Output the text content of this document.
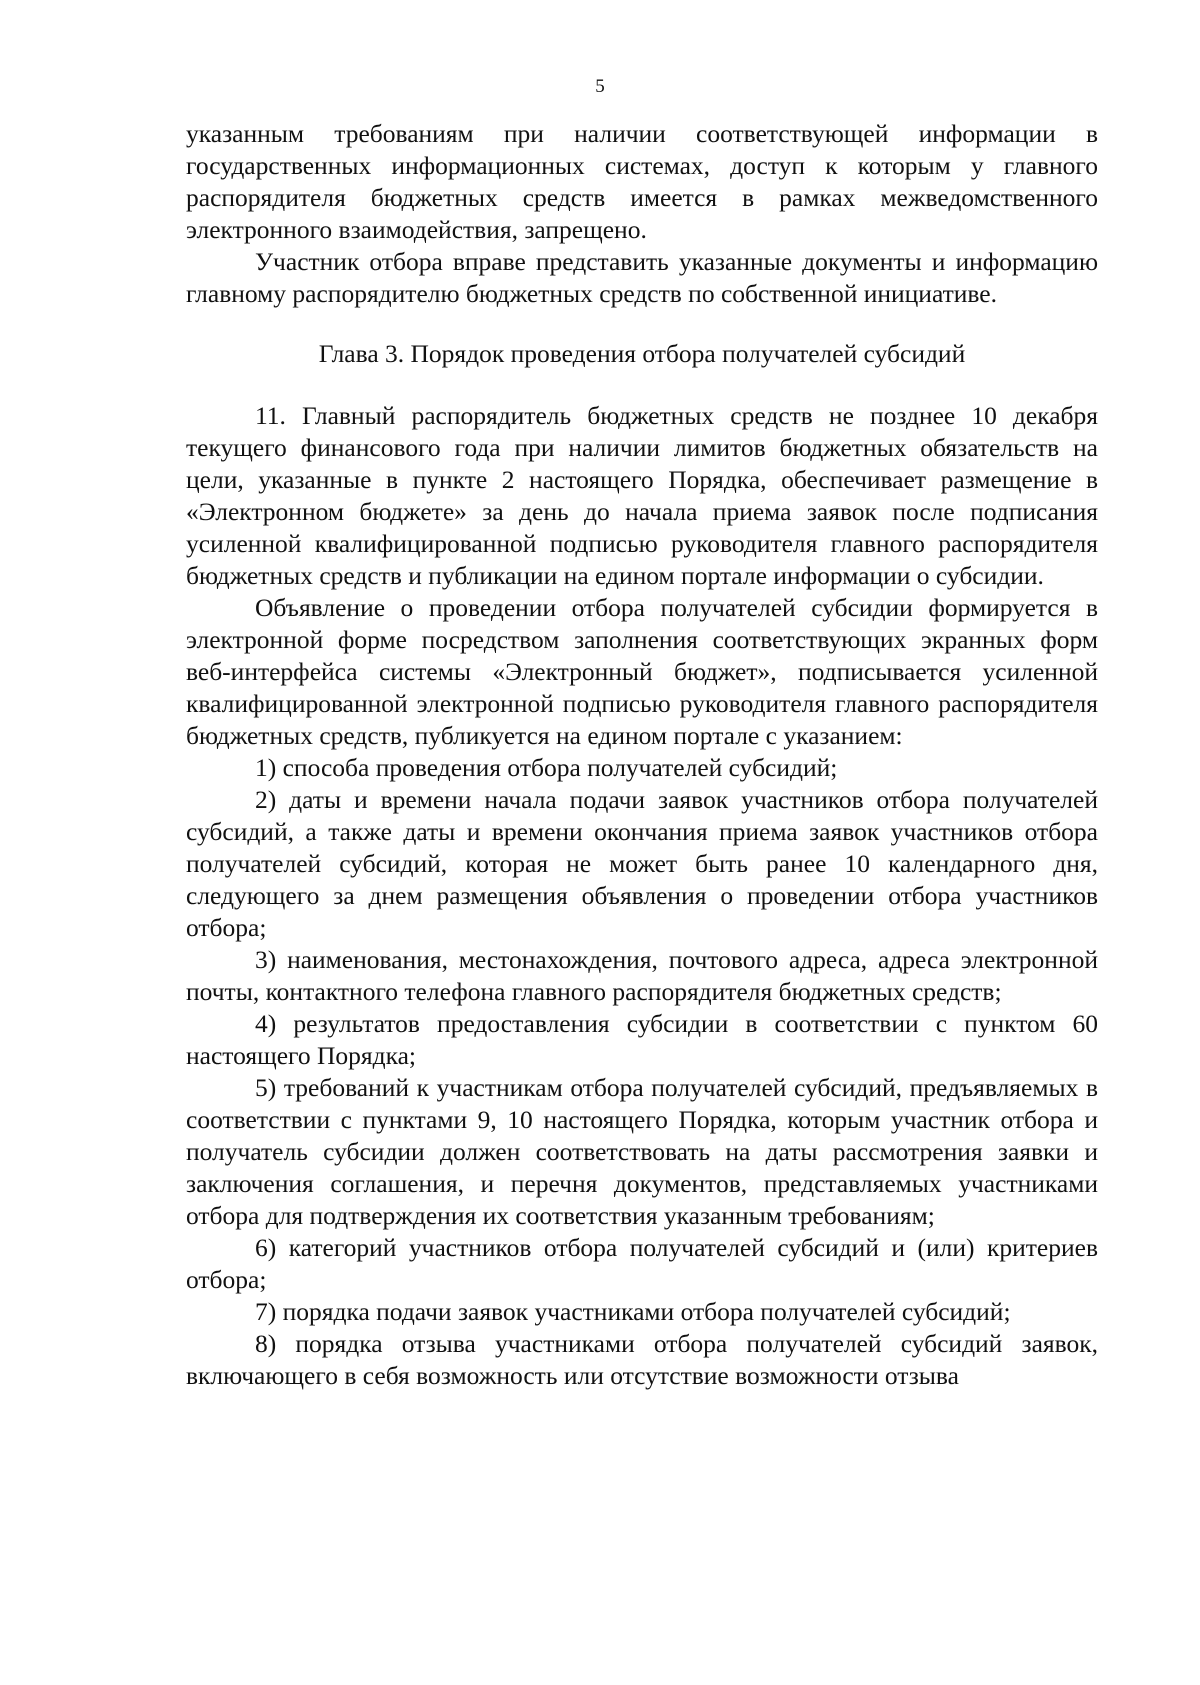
5

указанным требованиям при наличии соответствующей информации в государственных информационных системах, доступ к которым у главного распорядителя бюджетных средств имеется в рамках межведомственного электронного взаимодействия, запрещено.

Участник отбора вправе представить указанные документы и информацию главному распорядителю бюджетных средств по собственной инициативе.

Глава 3. Порядок проведения отбора получателей субсидий

11. Главный распорядитель бюджетных средств не позднее 10 декабря текущего финансового года при наличии лимитов бюджетных обязательств на цели, указанные в пункте 2 настоящего Порядка, обеспечивает размещение в «Электронном бюджете» за день до начала приема заявок после подписания усиленной квалифицированной подписью руководителя главного распорядителя бюджетных средств и публикации на едином портале информации о субсидии.

Объявление о проведении отбора получателей субсидии формируется в электронной форме посредством заполнения соответствующих экранных форм веб-интерфейса системы «Электронный бюджет», подписывается усиленной квалифицированной электронной подписью руководителя главного распорядителя бюджетных средств, публикуется на едином портале с указанием:

1) способа проведения отбора получателей субсидий;

2) даты и времени начала подачи заявок участников отбора получателей субсидий, а также даты и времени окончания приема заявок участников отбора получателей субсидий, которая не может быть ранее 10 календарного дня, следующего за днем размещения объявления о проведении отбора участников отбора;

3) наименования, местонахождения, почтового адреса, адреса электронной почты, контактного телефона главного распорядителя бюджетных средств;

4) результатов предоставления субсидии в соответствии с пунктом 60 настоящего Порядка;

5) требований к участникам отбора получателей субсидий, предъявляемых в соответствии с пунктами 9, 10 настоящего Порядка, которым участник отбора и получатель субсидии должен соответствовать на даты рассмотрения заявки и заключения соглашения, и перечня документов, представляемых участниками отбора для подтверждения их соответствия указанным требованиям;

6) категорий участников отбора получателей субсидий и (или) критериев отбора;

7) порядка подачи заявок участниками отбора получателей субсидий;

8) порядка отзыва участниками отбора получателей субсидий заявок, включающего в себя возможность или отсутствие возможности отзыва
